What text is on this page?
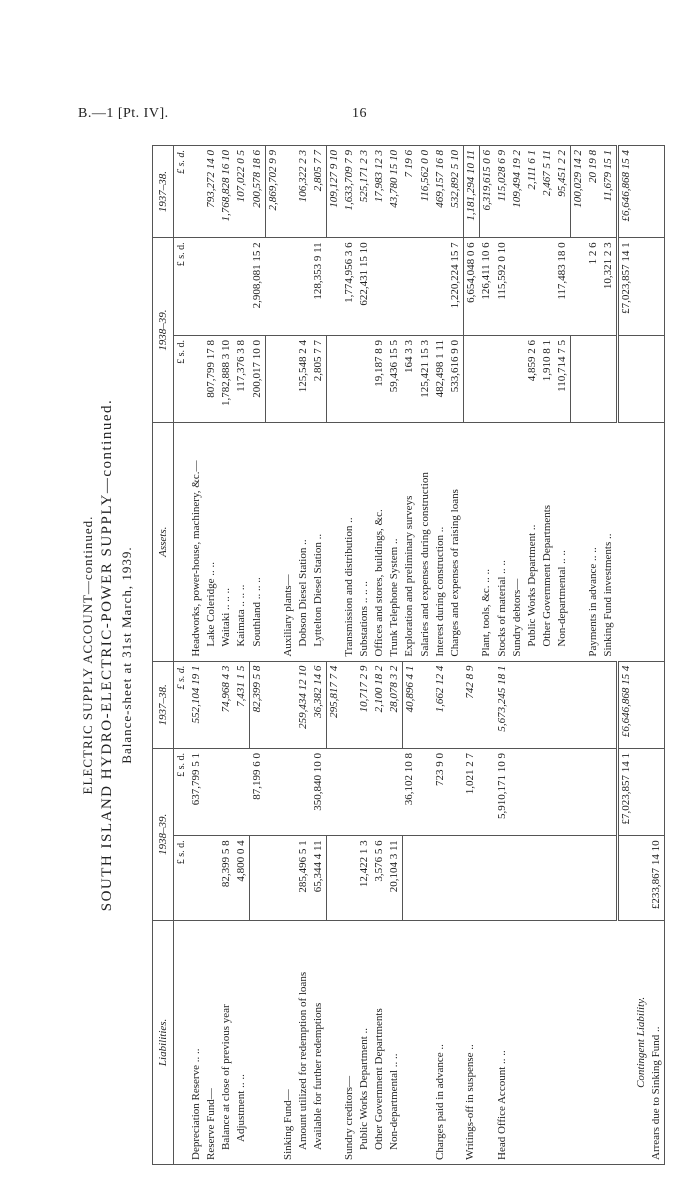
B.—1 [Pt. IV].	16
ELECTRIC SUPPLY ACCOUNT—continued. SOUTH ISLAND HYDRO-ELECTRIC-POWER SUPPLY—continued. Balance-sheet at 31st March, 1939.
Liabilities.	1938–39.		1937–38.	Assets.	1938–39.		1937–38.
	£ s. d.	£ s. d.	£ s. d.		£ s. d.	£ s. d.	£ s. d.
Depreciation Reserve .. ..		637,799 5 1	552,104 19 1	Headworks, power-house, machinery, &c.—			
Reserve Fund—				Lake Coleridge .. ..	807,799 17 8		793,272 14 0
Balance at close of previous year	82,399 5 8		74,968 4 3	Waitaki .. .. ..	1,782,888 3 10		1,768,828 16 10
Adjustment .. ..	4,800 0 4		7,431 1 5	Kaimata .. .. ..	117,376 3 8		107,022 0 5
		87,199 6 0	82,399 5 8	Southland .. .. ..	200,017 10 0	2,908,081 15 2	200,578 18 6
							2,869,702 9 9
Sinking Fund—				Auxiliary plants—			
Amount utilized for redemption of loans	285,496 5 1		259,434 12 10	Dobson Diesel Station ..	125,548 2 4		106,322 2 3
Available for further redemptions	65,344 4 11	350,840 10 0	36,382 14 6	Lyttelton Diesel Station ..	2,805 7 7	128,353 9 11	2,805 7 7
			295,817 7 4				109,127 9 10
Sundry creditors—				Transmission and distribution ..		1,774,956 3 6	1,633,709 7 9
Public Works Department ..	12,422 1 3		10,717 2 9	Substations .. .. ..		622,431 15 10	525,171 2 3
Other Government Departments	3,576 5 6		2,100 18 2	Offices and stores, buildings, &c.	19,187 8 9		17,983 12 3
Non-departmental .. ..	20,104 3 11		28,078 3 2	Trunk Telephone System ..	59,436 15 5		43,780 15 10
		36,102 10 8	40,896 4 1	Exploration and preliminary surveys	164 3 3		7 19 6
				Salaries and expenses during construction	125,421 15 3		116,562 0 0
Charges paid in advance ..		723 9 0	1,662 12 4	Interest during construction ..	482,498 1 11		469,157 16 8
				Charges and expenses of raising loans	533,616 9 0	1,220,224 15 7	532,892 5 10
Writings-off in suspense ..		1,021 2 7	742 8 9			6,654,048 0 6	1,181,294 10 11
				Plant, tools, &c. .. ..		126,411 10 6	6,319,615 0 6
Head Office Account .. ..		5,910,171 10 9	5,673,245 18 1	Stocks of material .. ..		115,592 0 10	115,028 6 9
				Sundry debtors—			109,494 19 2
				Public Works Department ..	4,859 2 6		2,111 6 1
				Other Government Departments	1,910 8 1		2,467 5 11
				Non-departmental .. ..	110,714 7 5	117,483 18 0	95,451 2 2
							100,029 14 2
				Payments in advance .. ..		1 2 6	20 19 8
				Sinking Fund investments ..		10,321 2 3	11,679 15 1
		£7,023,857 14 1	£6,646,868 15 4			£7,023,857 14 1	£6,646,868 15 4
Contingent Liability.							
Arrears due to Sinking Fund ..	£233,867 14 10						
